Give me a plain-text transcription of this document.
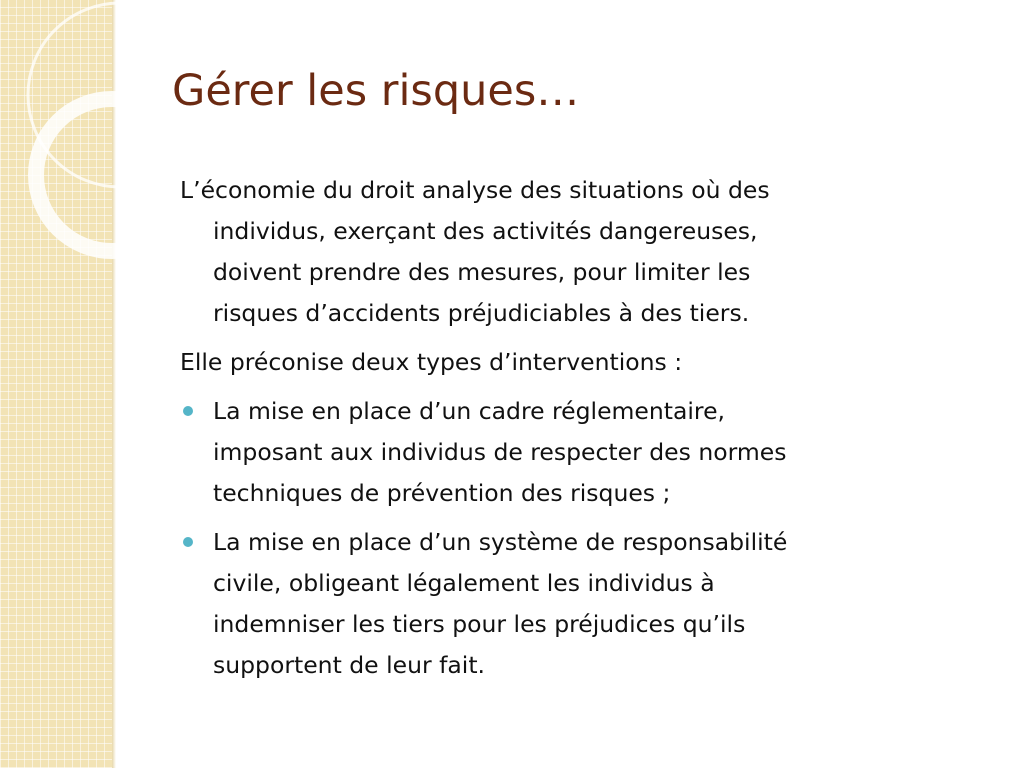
Gérer les risques…
L’économie du droit analyse des situations où des
individus, exerçant des activités dangereuses,
doivent prendre des mesures, pour limiter les
risques d’accidents préjudiciables à des tiers.
Elle préconise deux types d’interventions :
La mise en place d’un cadre réglementaire,
imposant aux individus de respecter des normes
techniques de prévention des risques ;
La mise en place d’un système de responsabilité
civile, obligeant légalement les individus à
indemniser les tiers pour les préjudices qu’ils
supportent de leur fait.
